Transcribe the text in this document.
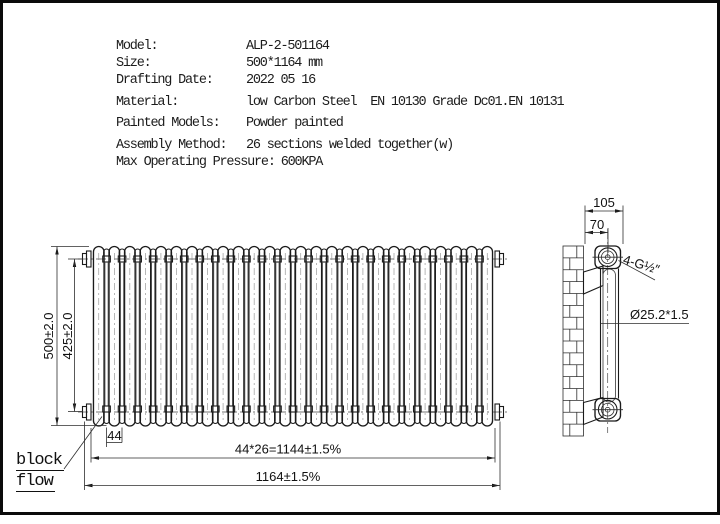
Model:	ALP-2-501164
Size:	500*1164 mm
Drafting Date: 2022 05 16
Material:	low Carbon Steel  EN 10130 Grade Dc01.EN 10131
Painted Models: Powder painted
Assembly Method: 26 sections welded together(w)
Max Operating Pressure: 600KPA
block
flow
500±2.0 425±2.0
44
44*26=1144±1.5%
1164±1.5%
105
70
4-G½″
Ø25.2*1.5
